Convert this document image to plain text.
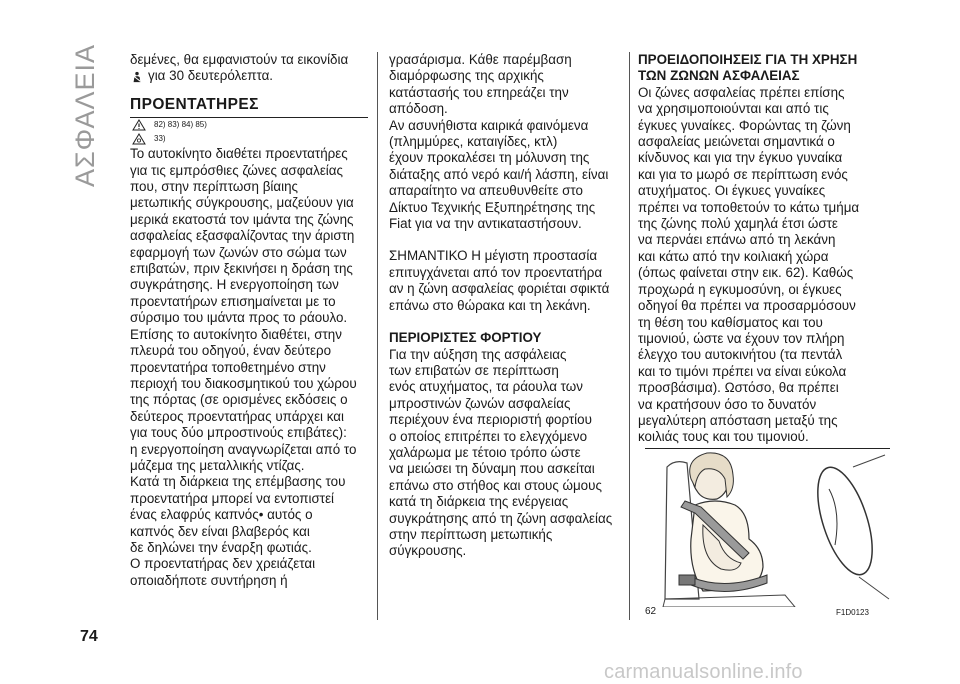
ΑΣΦΑΛΕΙΑ
74

δεμένες, θα εμφανιστούν τα εικονίδια

για 30 δευτερόλεπτα.

ΠΡΟΕΝΤΑΤΗΡΕΣ
82) 83) 84) 85)
33)

Το αυτοκίνητο διαθέτει προεντατήρες

για τις εμπρόσθιες ζώνες ασφαλείας

που, στην περίπτωση βίαιης

μετωπικής σύγκρουσης, μαζεύουν για

μερικά εκατοστά τον ιμάντα της ζώνης

ασφαλείας εξασφαλίζοντας την άριστη

εφαρμογή των ζωνών στο σώμα των

επιβατών, πριν ξεκινήσει η δράση της

συγκράτησης. Η ενεργοποίηση των

προεντατήρων επισημαίνεται με το

σύρσιμο του ιμάντα προς το ράουλο.

Επίσης το αυτοκίνητο διαθέτει, στην

πλευρά του οδηγού, έναν δεύτερο

προεντατήρα τοποθετημένο στην

περιοχή του διακοσμητικού του χώρου

της πόρτας (σε ορισμένες εκδόσεις ο

δεύτερος προεντατήρας υπάρχει και

για τους δύο μπροστινούς επιβάτες):

η ενεργοποίηση αναγνωρίζεται από το

μάζεμα της μεταλλικής ντίζας.

Κατά τη διάρκεια της επέμβασης του

προεντατήρα μπορεί να εντοπιστεί

ένας ελαφρύς καπνός• αυτός ο

καπνός δεν είναι βλαβερός και

δε δηλώνει την έναρξη φωτιάς.

Ο προεντατήρας δεν χρειάζεται

οποιαδήποτε συντήρηση ή

γρασάρισμα. Κάθε παρέμβαση

διαμόρφωσης της αρχικής

κατάστασής του επηρεάζει την

απόδοση.

Αν ασυνήθιστα καιρικά φαινόμενα

(πλημμύρες, καταιγίδες, κτλ)

έχουν προκαλέσει τη μόλυνση της

διάταξης από νερό και/ή λάσπη, είναι

απαραίτητο να απευθυνθείτε στο

Δίκτυο Τεχνικής Εξυπηρέτησης της

Fiat για να την αντικαταστήσουν.

ΣΗΜΑΝΤΙΚΟ Η μέγιστη προστασία

επιτυγχάνεται από τον προεντατήρα

αν η ζώνη ασφαλείας φοριέται σφικτά

επάνω στο θώρακα και τη λεκάνη.

ΠΕΡΙΟΡΙΣΤΕΣ ΦΟΡΤΙΟΥ

Για την αύξηση της ασφάλειας

των επιβατών σε περίπτωση

ενός ατυχήματος, τα ράουλα των

μπροστινών ζωνών ασφαλείας

περιέχουν ένα περιοριστή φορτίου

ο οποίος επιτρέπει το ελεγχόμενο

χαλάρωμα με τέτοιο τρόπο ώστε

να μειώσει τη δύναμη που ασκείται

επάνω στο στήθος και στους ώμους

κατά τη διάρκεια της ενέργειας

συγκράτησης από τη ζώνη ασφαλείας

στην περίπτωση μετωπικής

σύγκρουσης.

ΠΡΟΕΙΔΟΠΟΙΗΣΕΙΣ ΓΙΑ ΤΗ ΧΡΗΣΗ

ΤΩΝ ΖΩΝΩΝ ΑΣΦΑΛΕΙΑΣ

Οι ζώνες ασφαλείας πρέπει επίσης

να χρησιμοποιούνται και από τις

έγκυες γυναίκες. Φορώντας τη ζώνη

ασφαλείας μειώνεται σημαντικά ο

κίνδυνος και για την έγκυο γυναίκα

και για το μωρό σε περίπτωση ενός

ατυχήματος. Οι έγκυες γυναίκες

πρέπει να τοποθετούν το κάτω τμήμα

της ζώνης πολύ χαμηλά έτσι ώστε

να περνάει επάνω από τη λεκάνη

και κάτω από την κοιλιακή χώρα

(όπως φαίνεται στην εικ. 62). Καθώς

προχωρά η εγκυμοσύνη, οι έγκυες

οδηγοί θα πρέπει να προσαρμόσουν

τη θέση του καθίσματος και του

τιμονιού, ώστε να έχουν τον πλήρη

έλεγχο του αυτοκινήτου (τα πεντάλ

και το τιμόνι πρέπει να είναι εύκολα

προσβάσιμα). Ωστόσο, θα πρέπει

να κρατήσουν όσο το δυνατόν

μεγαλύτερη απόσταση μεταξύ της

κοιλιάς τους και του τιμονιού.

62	F1D0123
carmanualsonline.info
